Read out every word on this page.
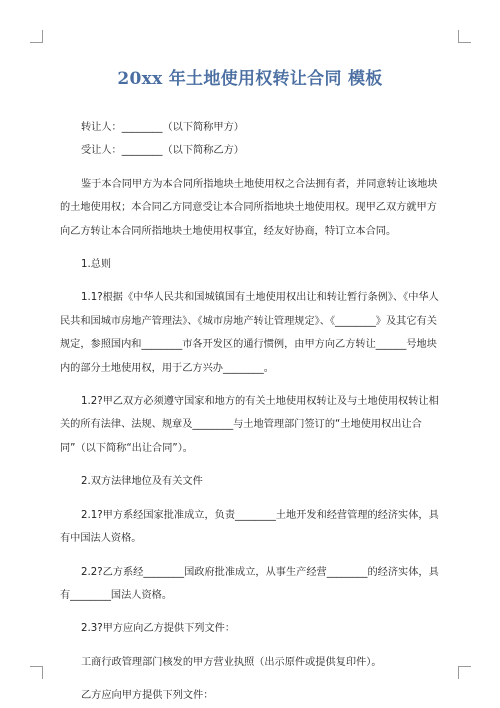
20xx 年土地使用权转让合同 模板

转让人：________（以下简称甲方）

受让人：________（以下简称乙方）

鉴于本合同甲方为本合同所指地块土地使用权之合法拥有者，并同意转让该地块的土地使用权；本合同乙方同意受让本合同所指地块土地使用权。现甲乙双方就甲方向乙方转让本合同所指地块土地使用权事宜，经友好协商，特订立本合同。

1.总则

1.1?根据《中华人民共和国城镇国有土地使用权出让和转让暂行条例》、《中华人民共和国城市房地产管理法》、《城市房地产转让管理规定》、《________》及其它有关规定，参照国内和________市各开发区的通行惯例，由甲方向乙方转让______号地块内的部分土地使用权，用于乙方兴办________。

1.2?甲乙双方必须遵守国家和地方的有关土地使用权转让及与土地使用权转让相关的所有法律、法规、规章及________与土地管理部门签订的“土地使用权出让合同”（以下简称“出让合同”）。

2.双方法律地位及有关文件

2.1?甲方系经国家批准成立，负责________土地开发和经营管理的经济实体，具有中国法人资格。

2.2?乙方系经________国政府批准成立，从事生产经营________的经济实体，具有________国法人资格。

2.3?甲方应向乙方提供下列文件：

工商行政管理部门核发的甲方营业执照（出示原件或提供复印件）。

乙方应向甲方提供下列文件：
